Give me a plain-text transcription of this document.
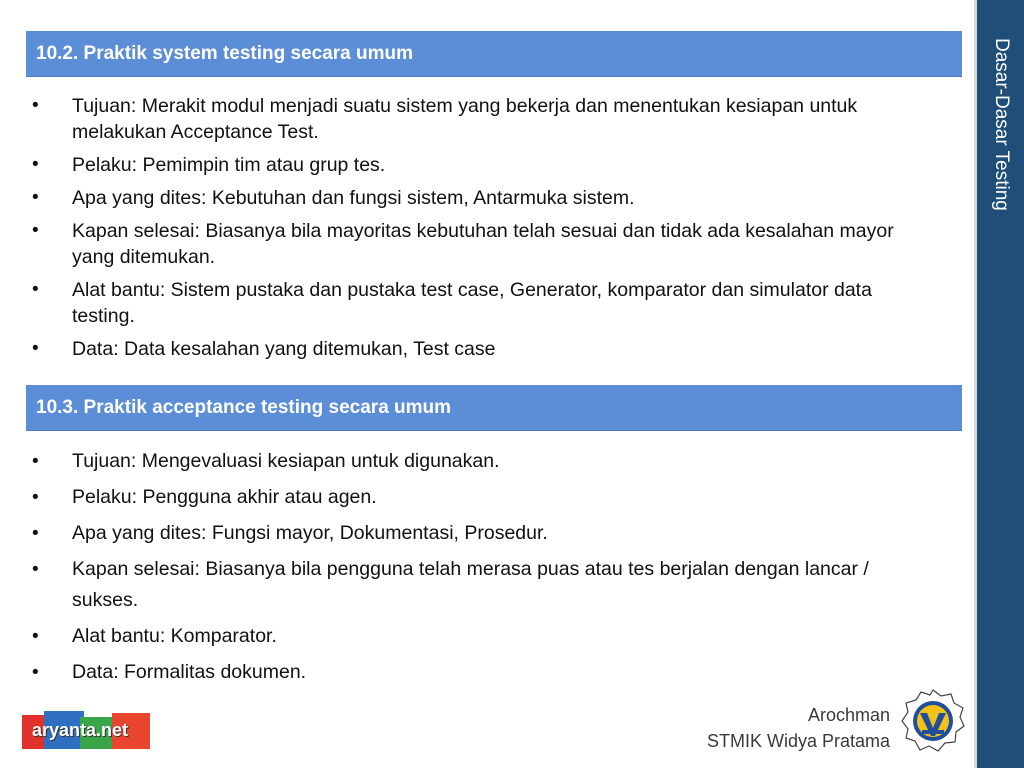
10.2. Praktik system testing secara umum
• Tujuan: Merakit modul menjadi suatu sistem yang bekerja dan menentukan kesiapan untuk melakukan Acceptance Test.
• Pelaku: Pemimpin tim atau grup tes.
• Apa yang dites: Kebutuhan dan fungsi sistem, Antarmuka sistem.
• Kapan selesai: Biasanya bila mayoritas kebutuhan telah sesuai dan tidak ada kesalahan mayor yang ditemukan.
• Alat bantu: Sistem pustaka dan pustaka test case, Generator, komparator dan simulator data testing.
• Data: Data kesalahan yang ditemukan, Test case
10.3. Praktik acceptance testing secara umum
• Tujuan: Mengevaluasi kesiapan untuk digunakan.
• Pelaku: Pengguna akhir atau agen.
• Apa yang dites: Fungsi mayor, Dokumentasi, Prosedur.
• Kapan selesai: Biasanya bila pengguna telah merasa puas atau tes berjalan dengan lancar / sukses.
• Alat bantu: Komparator.
• Data: Formalitas dokumen.
aryanta.net
Arochman
STMIK Widya Pratama
Dasar-Dasar Testing
